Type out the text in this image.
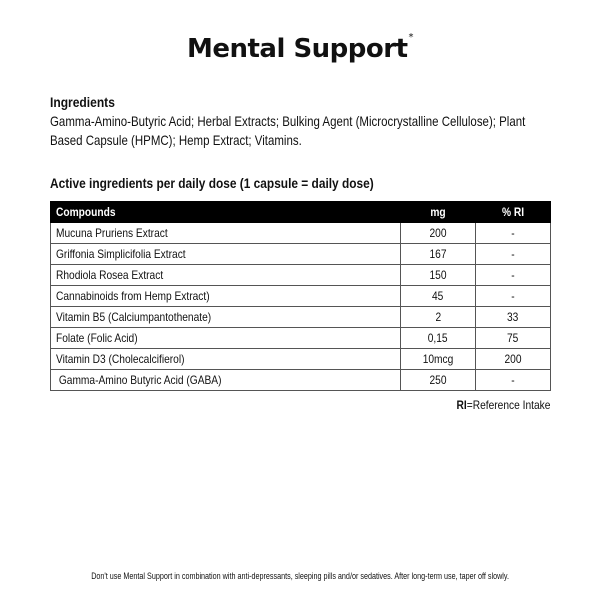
Mental Support*
Ingredients
Gamma-Amino-Butyric Acid; Herbal Extracts; Bulking Agent (Microcrystalline Cellulose); Plant Based Capsule (HPMC); Hemp Extract; Vitamins.
Active ingredients per daily dose (1 capsule = daily dose)
Compounds	mg	% RI
Mucuna Pruriens Extract	200	-
Griffonia Simplicifolia Extract	167	-
Rhodiola Rosea Extract	150	-
Cannabinoids from Hemp Extract)	45	-
Vitamin B5 (Calciumpantothenate)	2	33
Folate (Folic Acid)	0,15	75
Vitamin D3 (Cholecalcifierol)	10mcg	200
Gamma-Amino Butyric Acid (GABA)	250	-
RI=Reference Intake
Don't use Mental Support in combination with anti-depressants, sleeping pills and/or sedatives. After long-term use, taper off slowly.
